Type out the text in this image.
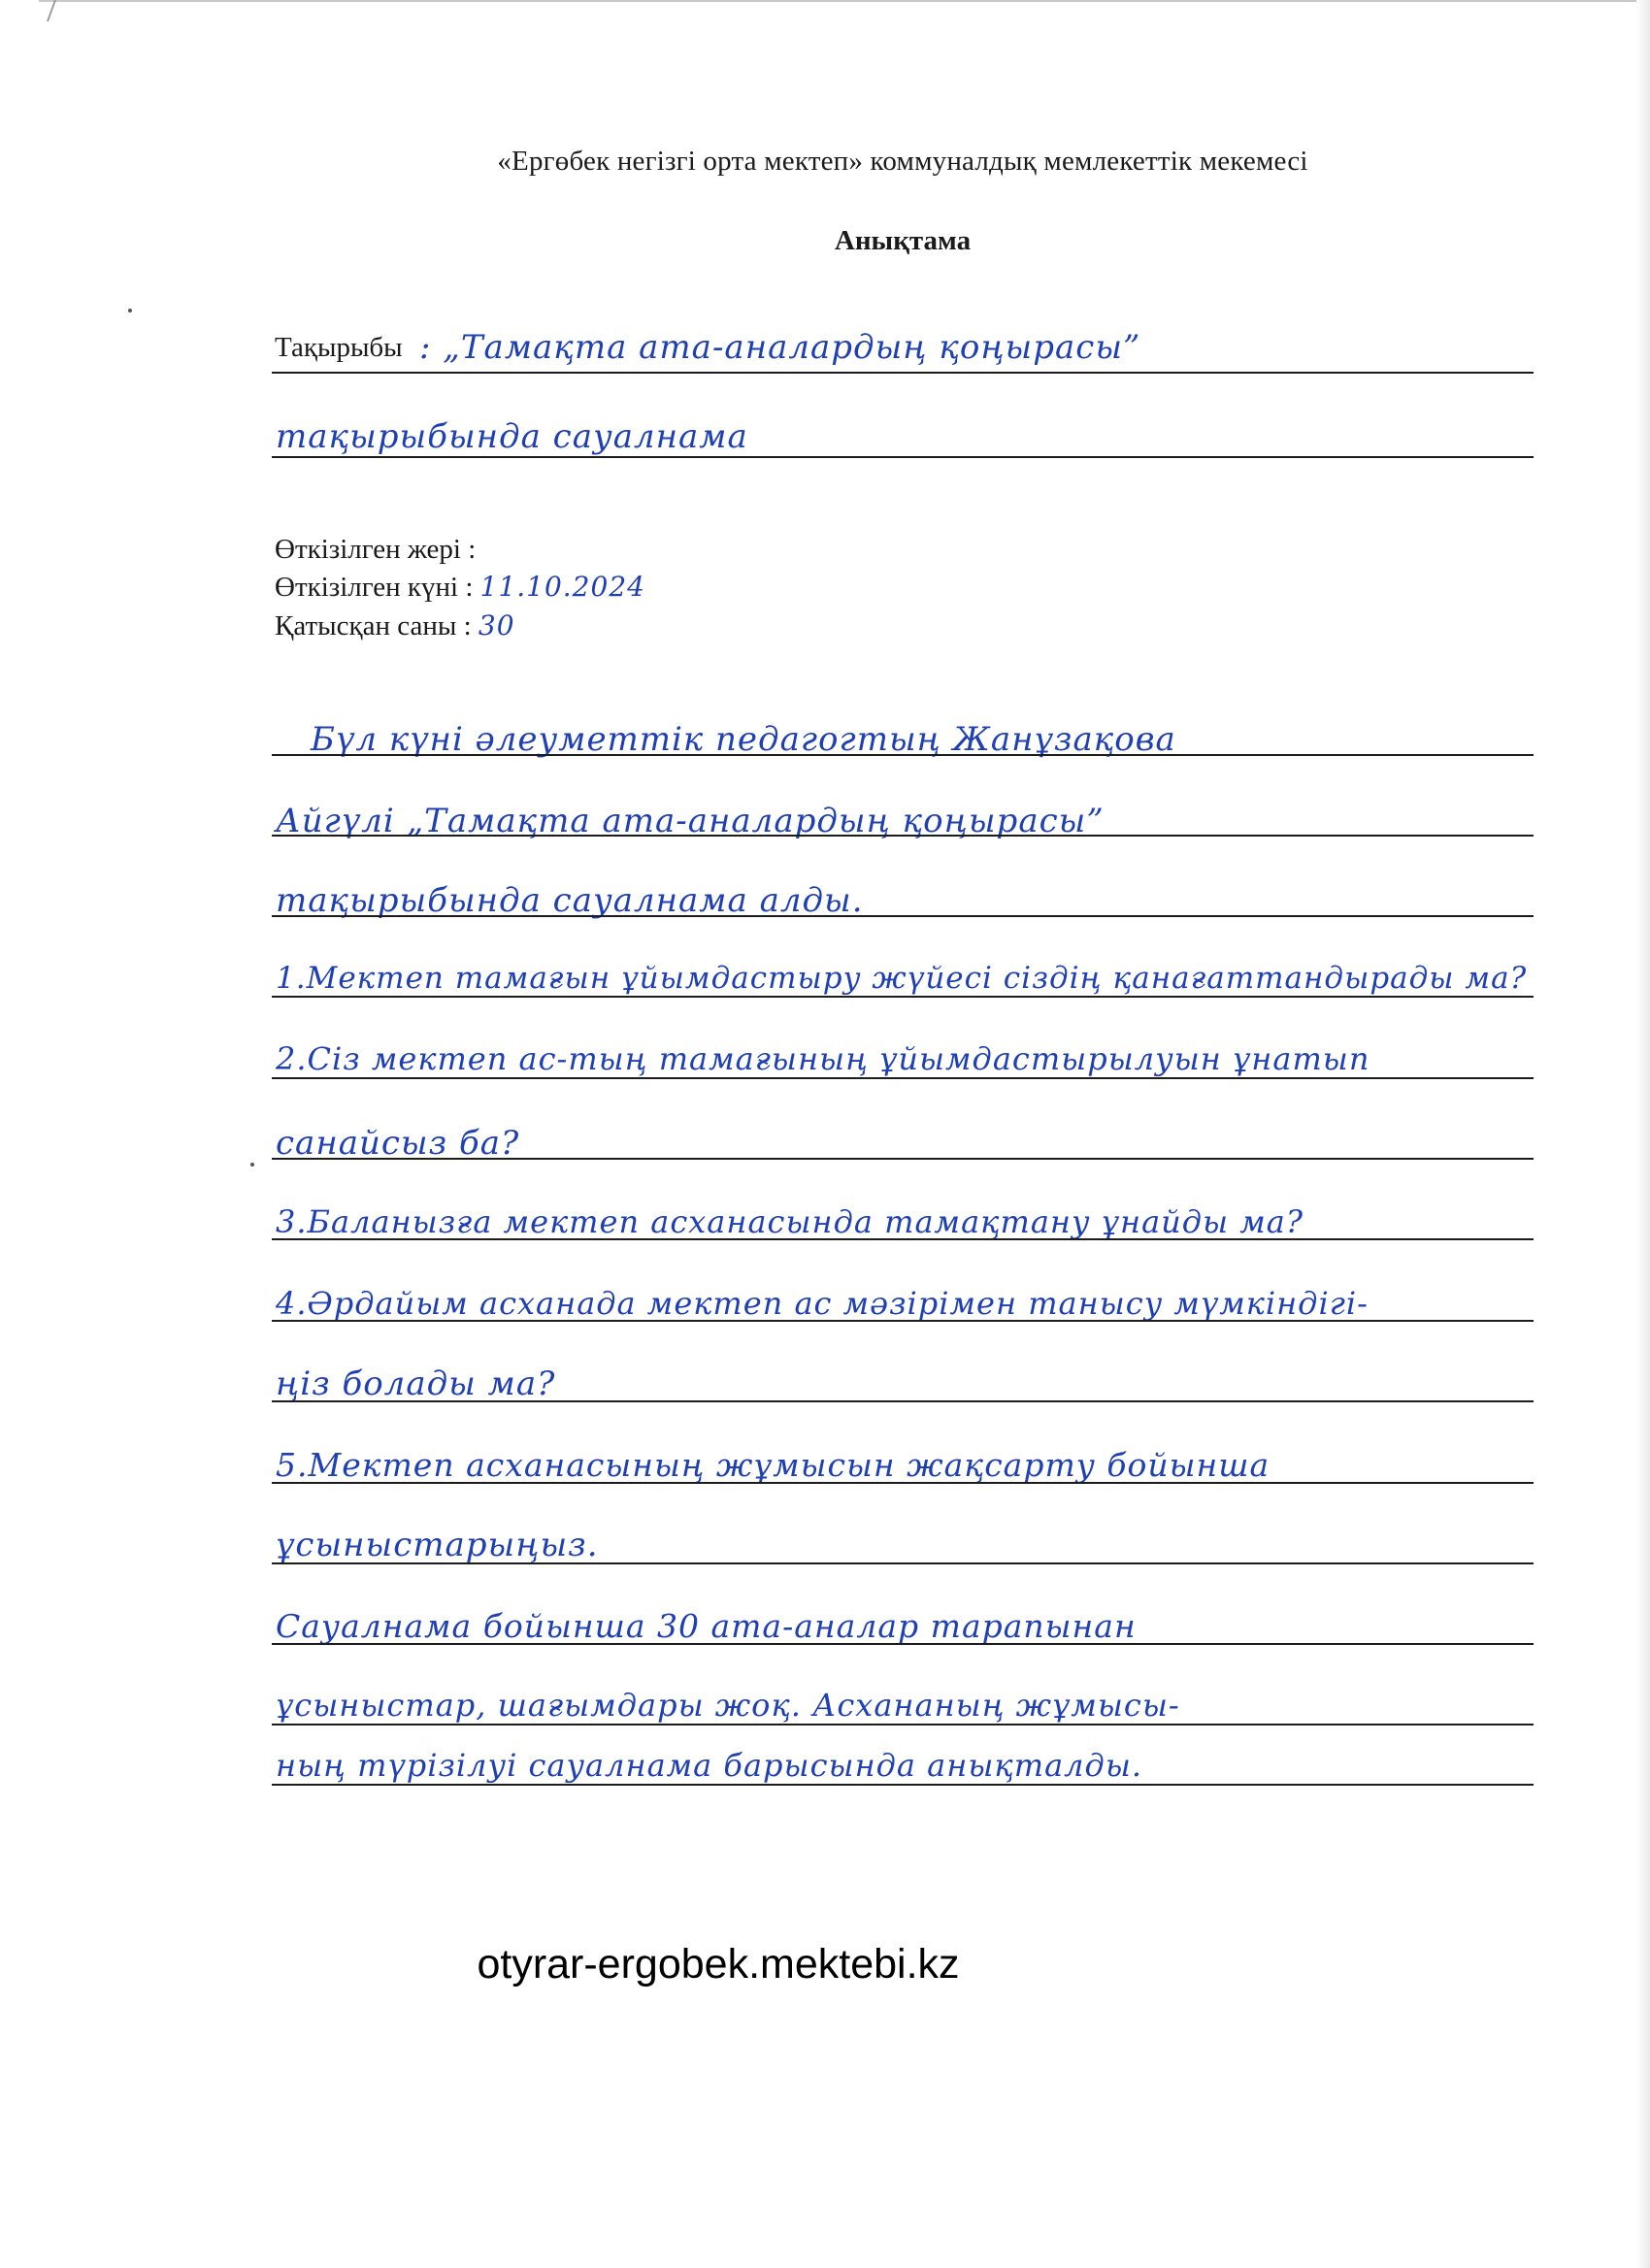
«Ергөбек негізгі орта мектеп» коммуналдық мемлекеттік мекемесі
Анықтама
Тақырыбы : „Тамақта ата-аналардың қоңырасы”
тақырыбында сауалнама
Өткізілген жері :
Өткізілген күні : 11.10.2024
Қатысқан саны : 30
Бүл күні әлеуметтік педагогтың Жанұзақова
Айгүлі „Тамақта ата-аналардың қоңырасы”
тақырыбында сауалнама алды.
1.Мектеп тамағын ұйымдастыру жүйесі сіздің қанағаттандырады ма?
2.Сіз мектеп ас-тың тамағының ұйымдастырылуын ұнатып
санайсыз ба?
3.Баланызға мектеп асханасында тамақтану ұнайды ма?
4.Әрдайым асханада мектеп ас мәзірімен танысу мүмкіндігі-
ңіз болады ма?
5.Мектеп асханасының жұмысын жақсарту бойынша
ұсыныстарыңыз.
Сауалнама бойынша 30 ата-аналар тарапынан
ұсыныстар, шағымдары жоқ. Асхананың жұмысы-
ның түрізілуі сауалнама барысында анықталды.
otyrar-ergobek.mektebi.kz
